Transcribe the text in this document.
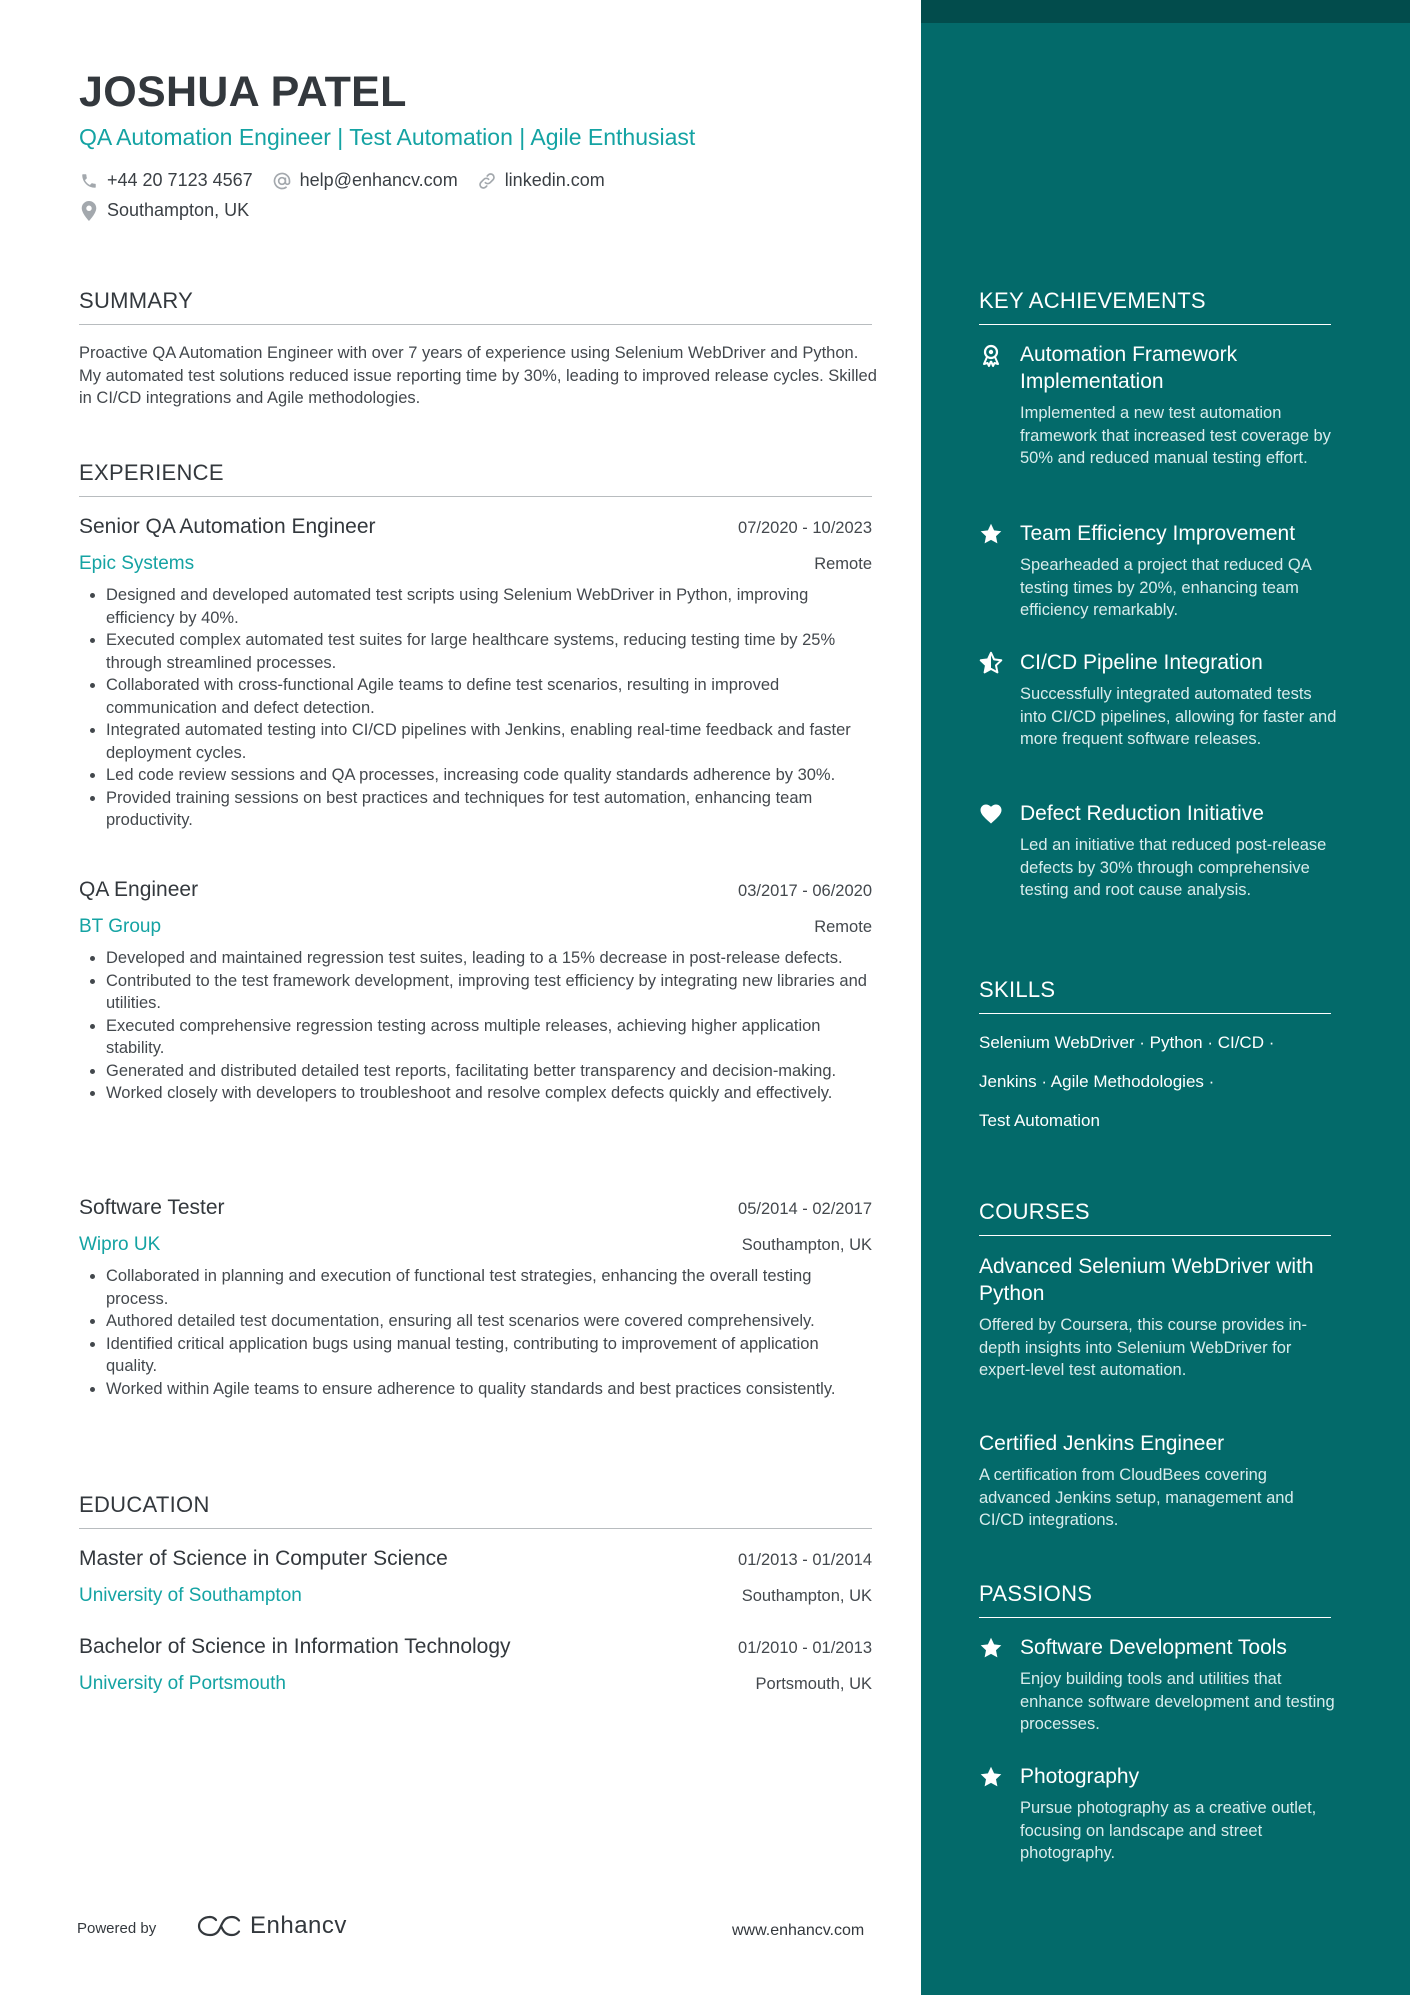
JOSHUA PATEL
QA Automation Engineer | Test Automation | Agile Enthusiast
+44 20 7123 4567	help@enhancv.com	linkedin.com
Southampton, UK
SUMMARY
Proactive QA Automation Engineer with over 7 years of experience using Selenium WebDriver and Python. My automated test solutions reduced issue reporting time by 30%, leading to improved release cycles. Skilled in CI/CD integrations and Agile methodologies.
EXPERIENCE
Senior QA Automation Engineer	07/2020 - 10/2023
Epic Systems	Remote
• Designed and developed automated test scripts using Selenium WebDriver in Python, improving efficiency by 40%.
• Executed complex automated test suites for large healthcare systems, reducing testing time by 25% through streamlined processes.
• Collaborated with cross-functional Agile teams to define test scenarios, resulting in improved communication and defect detection.
• Integrated automated testing into CI/CD pipelines with Jenkins, enabling real-time feedback and faster deployment cycles.
• Led code review sessions and QA processes, increasing code quality standards adherence by 30%.
• Provided training sessions on best practices and techniques for test automation, enhancing team productivity.
QA Engineer	03/2017 - 06/2020
BT Group	Remote
• Developed and maintained regression test suites, leading to a 15% decrease in post-release defects.
• Contributed to the test framework development, improving test efficiency by integrating new libraries and utilities.
• Executed comprehensive regression testing across multiple releases, achieving higher application stability.
• Generated and distributed detailed test reports, facilitating better transparency and decision-making.
• Worked closely with developers to troubleshoot and resolve complex defects quickly and effectively.
Software Tester	05/2014 - 02/2017
Wipro UK	Southampton, UK
• Collaborated in planning and execution of functional test strategies, enhancing the overall testing process.
• Authored detailed test documentation, ensuring all test scenarios were covered comprehensively.
• Identified critical application bugs using manual testing, contributing to improvement of application quality.
• Worked within Agile teams to ensure adherence to quality standards and best practices consistently.
EDUCATION
Master of Science in Computer Science	01/2013 - 01/2014
University of Southampton	Southampton, UK
Bachelor of Science in Information Technology	01/2010 - 01/2013
University of Portsmouth	Portsmouth, UK
Powered by	Enhancv	www.enhancv.com
KEY ACHIEVEMENTS
Automation Framework Implementation
Implemented a new test automation framework that increased test coverage by 50% and reduced manual testing effort.
Team Efficiency Improvement
Spearheaded a project that reduced QA testing times by 20%, enhancing team efficiency remarkably.
CI/CD Pipeline Integration
Successfully integrated automated tests into CI/CD pipelines, allowing for faster and more frequent software releases.
Defect Reduction Initiative
Led an initiative that reduced post-release defects by 30% through comprehensive testing and root cause analysis.
SKILLS
Selenium WebDriver · Python · CI/CD ·
Jenkins · Agile Methodologies ·
Test Automation
COURSES
Advanced Selenium WebDriver with Python
Offered by Coursera, this course provides in-depth insights into Selenium WebDriver for expert-level test automation.
Certified Jenkins Engineer
A certification from CloudBees covering advanced Jenkins setup, management and CI/CD integrations.
PASSIONS
Software Development Tools
Enjoy building tools and utilities that enhance software development and testing processes.
Photography
Pursue photography as a creative outlet, focusing on landscape and street photography.
